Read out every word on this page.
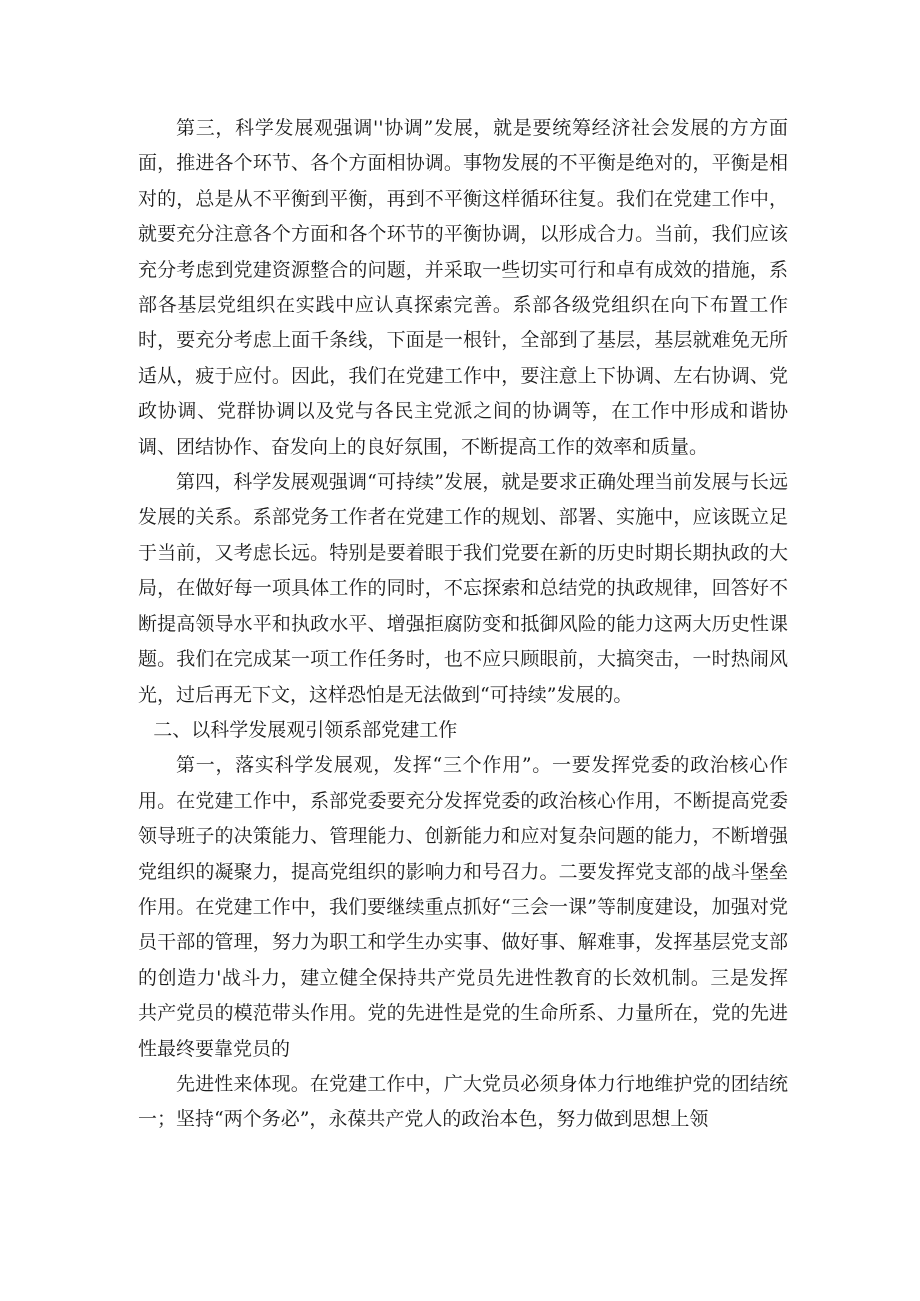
第三，科学发展观强调''协调”发展，就是要统筹经济社会发展的方方面面，推进各个环节、各个方面相协调。事物发展的不平衡是绝对的，平衡是相对的，总是从不平衡到平衡，再到不平衡这样循环往复。我们在党建工作中，就要充分注意各个方面和各个环节的平衡协调，以形成合力。当前，我们应该充分考虑到党建资源整合的问题，并采取一些切实可行和卓有成效的措施，系部各基层党组织在实践中应认真探索完善。系部各级党组织在向下布置工作时，要充分考虑上面千条线，下面是一根针，全部到了基层，基层就难免无所适从，疲于应付。因此，我们在党建工作中，要注意上下协调、左右协调、党政协调、党群协调以及党与各民主党派之间的协调等，在工作中形成和谐协调、团结协作、奋发向上的良好氛围，不断提高工作的效率和质量。

第四，科学发展观强调“可持续”发展，就是要求正确处理当前发展与长远发展的关系。系部党务工作者在党建工作的规划、部署、实施中，应该既立足于当前，又考虑长远。特别是要着眼于我们党要在新的历史时期长期执政的大局，在做好每一项具体工作的同时，不忘探索和总结党的执政规律，回答好不断提高领导水平和执政水平、增强拒腐防变和抵御风险的能力这两大历史性课题。我们在完成某一项工作任务时，也不应只顾眼前，大搞突击，一时热闹风光，过后再无下文，这样恐怕是无法做到“可持续”发展的。

二、以科学发展观引领系部党建工作

第一，落实科学发展观，发挥“三个作用”。一要发挥党委的政治核心作用。在党建工作中，系部党委要充分发挥党委的政治核心作用，不断提高党委领导班子的决策能力、管理能力、创新能力和应对复杂问题的能力，不断增强党组织的凝聚力，提高党组织的影响力和号召力。二要发挥党支部的战斗堡垒作用。在党建工作中，我们要继续重点抓好“三会一课”等制度建设，加强对党员干部的管理，努力为职工和学生办实事、做好事、解难事，发挥基层党支部的创造力'战斗力，建立健全保持共产党员先进性教育的长效机制。三是发挥共产党员的模范带头作用。党的先进性是党的生命所系、力量所在，党的先进性最终要靠党员的

先进性来体现。在党建工作中，广大党员必须身体力行地维护党的团结统一；坚持“两个务必”，永葆共产党人的政治本色，努力做到思想上领
